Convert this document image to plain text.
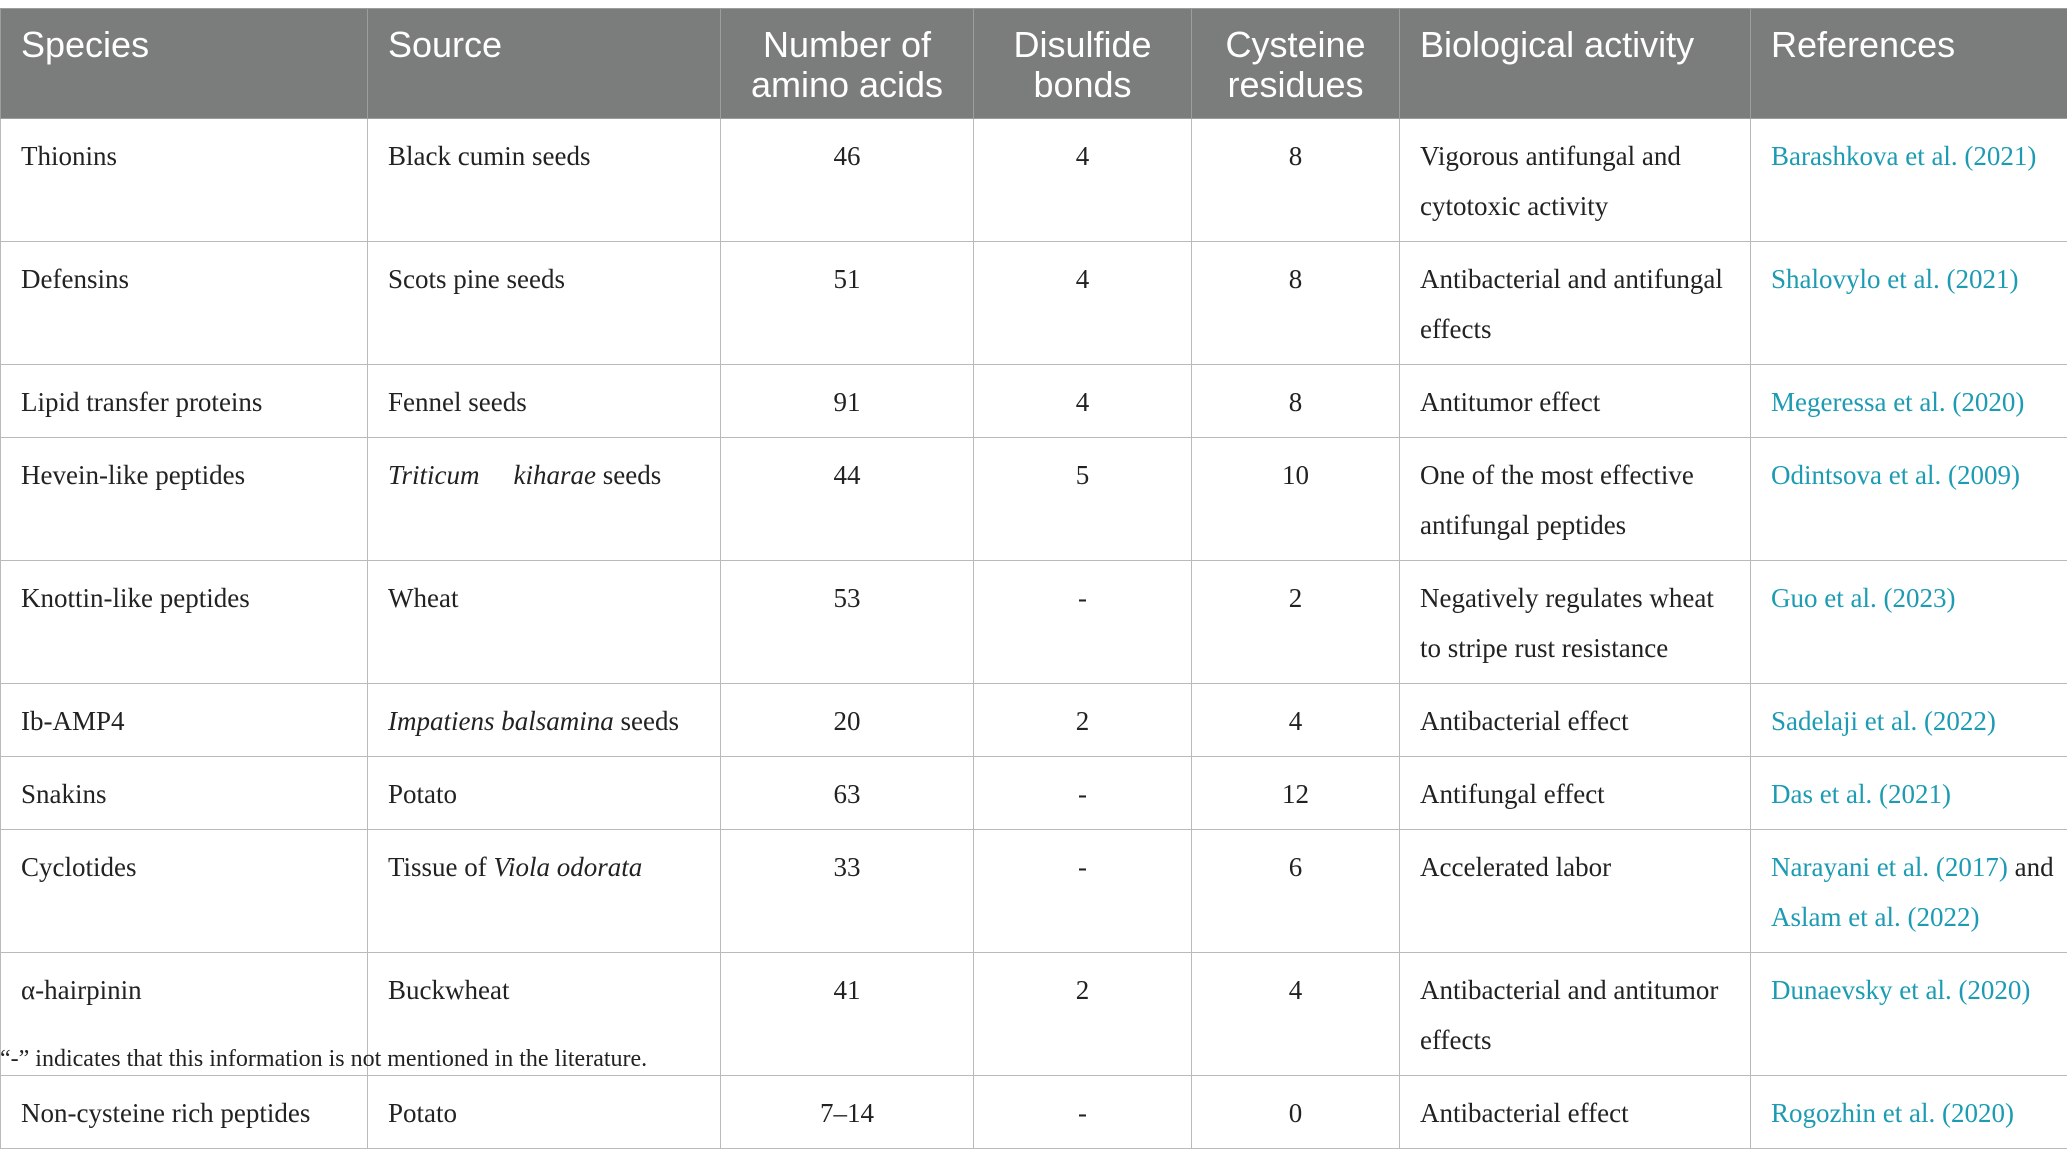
Species	Source	Number of amino acids	Disulfide bonds	Cysteine residues	Biological activity	References
Thionins	Black cumin seeds	46	4	8	Vigorous antifungal and cytotoxic activity	Barashkova et al. (2021)
Defensins	Scots pine seeds	51	4	8	Antibacterial and antifungal effects	Shalovylo et al. (2021)
Lipid transfer proteins	Fennel seeds	91	4	8	Antitumor effect	Megeressa et al. (2020)
Hevein-like peptides	Triticum kiharae seeds	44	5	10	One of the most effective antifungal peptides	Odintsova et al. (2009)
Knottin-like peptides	Wheat	53	-	2	Negatively regulates wheat to stripe rust resistance	Guo et al. (2023)
Ib-AMP4	Impatiens balsamina seeds	20	2	4	Antibacterial effect	Sadelaji et al. (2022)
Snakins	Potato	63	-	12	Antifungal effect	Das et al. (2021)
Cyclotides	Tissue of Viola odorata	33	-	6	Accelerated labor	Narayani et al. (2017) and Aslam et al. (2022)
α-hairpinin	Buckwheat	41	2	4	Antibacterial and antitumor effects	Dunaevsky et al. (2020)
Non-cysteine rich peptides	Potato	7–14	-	0	Antibacterial effect	Rogozhin et al. (2020)
“-” indicates that this information is not mentioned in the literature.
